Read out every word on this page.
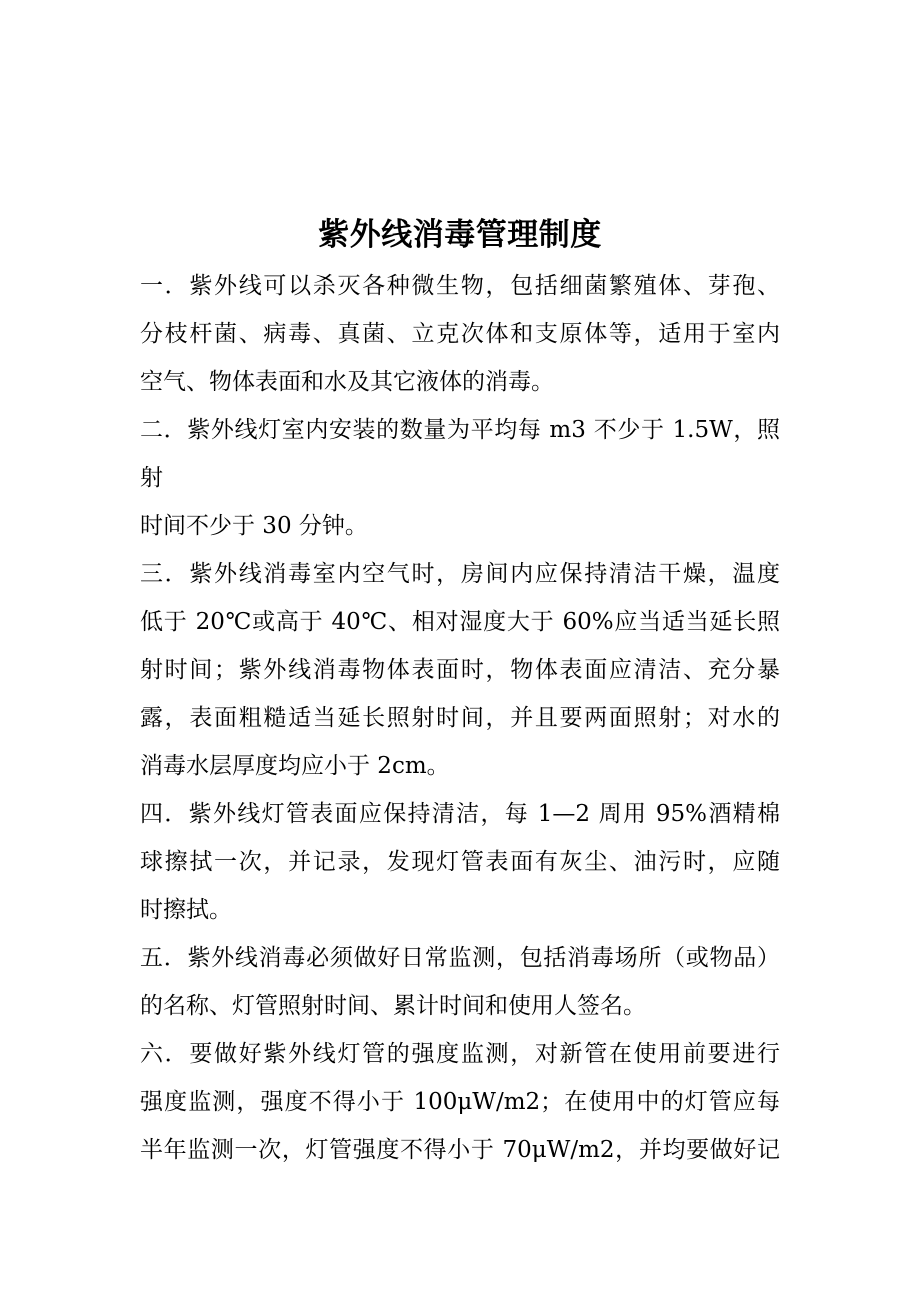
紫外线消毒管理制度

一．紫外线可以杀灭各种微生物，包括细菌繁殖体、芽孢、
分枝杆菌、病毒、真菌、立克次体和支原体等，适用于室内
空气、物体表面和水及其它液体的消毒。

二．紫外线灯室内安装的数量为平均每 m3 不少于 1.5W，照
射

时间不少于 30 分钟。

三．紫外线消毒室内空气时，房间内应保持清洁干燥，温度
低于 20℃或高于 40℃、相对湿度大于 60%应当适当延长照
射时间；紫外线消毒物体表面时，物体表面应清洁、充分暴
露，表面粗糙适当延长照射时间，并且要两面照射；对水的
消毒水层厚度均应小于 2cm。

四．紫外线灯管表面应保持清洁，每 1—2 周用 95%酒精棉
球擦拭一次，并记录，发现灯管表面有灰尘、油污时，应随
时擦拭。

五．紫外线消毒必须做好日常监测，包括消毒场所（或物品）
的名称、灯管照射时间、累计时间和使用人签名。

六．要做好紫外线灯管的强度监测，对新管在使用前要进行
强度监测，强度不得小于 100μW/m2；在使用中的灯管应每
半年监测一次，灯管强度不得小于 70μW/m2，并均要做好记
